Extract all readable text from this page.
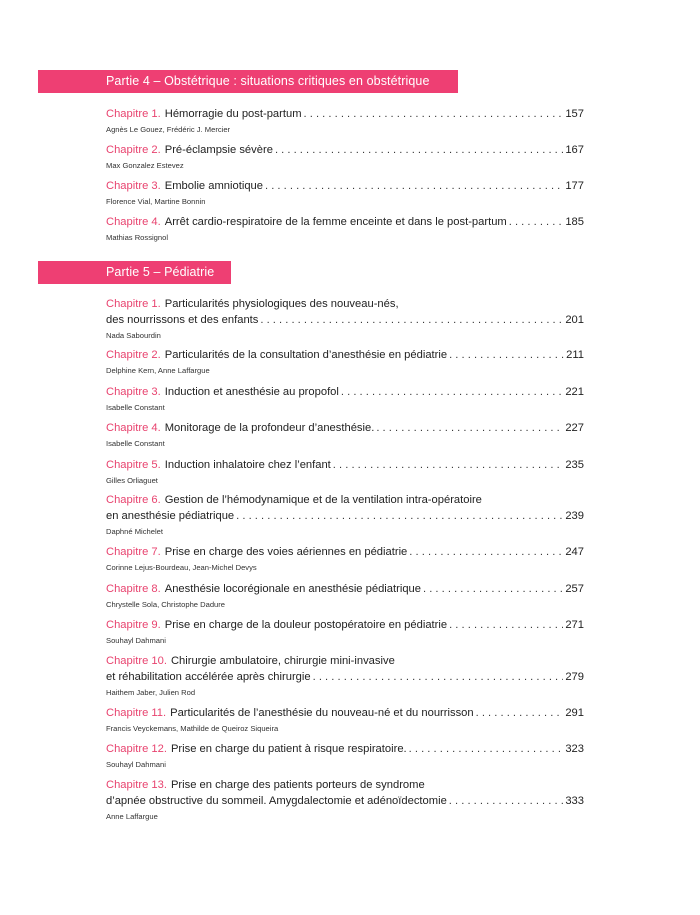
Partie 4 – Obstétrique : situations critiques en obstétrique
Chapitre 1. Hémorragie du post-partum . . .	157
Agnès Le Gouez, Frédéric J. Mercier
Chapitre 2. Pré-éclampsie sévère . . .	167
Max Gonzalez Estevez
Chapitre 3. Embolie amniotique . . .	177
Florence Vial, Martine Bonnin
Chapitre 4. Arrêt cardio-respiratoire de la femme enceinte et dans le post-partum . . .	185
Mathias Rossignol
Partie 5 – Pédiatrie
Chapitre 1. Particularités physiologiques des nouveau-nés,
des nourrissons et des enfants . . .	201
Nada Sabourdin
Chapitre 2. Particularités de la consultation d’anesthésie en pédiatrie . . .	211
Delphine Kern, Anne Laffargue
Chapitre 3. Induction et anesthésie au propofol . . .	221
Isabelle Constant
Chapitre 4. Monitorage de la profondeur d’anesthésie. . . .	227
Isabelle Constant
Chapitre 5. Induction inhalatoire chez l’enfant . . .	235
Gilles Orliaguet
Chapitre 6. Gestion de l’hémodynamique et de la ventilation intra-opératoire
en anesthésie pédiatrique . . .	239
Daphné Michelet
Chapitre 7. Prise en charge des voies aériennes en pédiatrie . . .	247
Corinne Lejus-Bourdeau, Jean-Michel Devys
Chapitre 8. Anesthésie locorégionale en anesthésie pédiatrique . . .	257
Chrystelle Sola, Christophe Dadure
Chapitre 9. Prise en charge de la douleur postopératoire en pédiatrie . . .	271
Souhayl Dahmani
Chapitre 10. Chirurgie ambulatoire, chirurgie mini-invasive
et réhabilitation accélérée après chirurgie . . .	279
Haithem Jaber, Julien Rod
Chapitre 11. Particularités de l’anesthésie du nouveau-né et du nourrisson . . .	291
Francis Veyckemans, Mathilde de Queiroz Siqueira
Chapitre 12. Prise en charge du patient à risque respiratoire. . . .	323
Souhayl Dahmani
Chapitre 13. Prise en charge des patients porteurs de syndrome
d’apnée obstructive du sommeil. Amygdalectomie et adénoïdectomie . . .	333
Anne Laffargue
